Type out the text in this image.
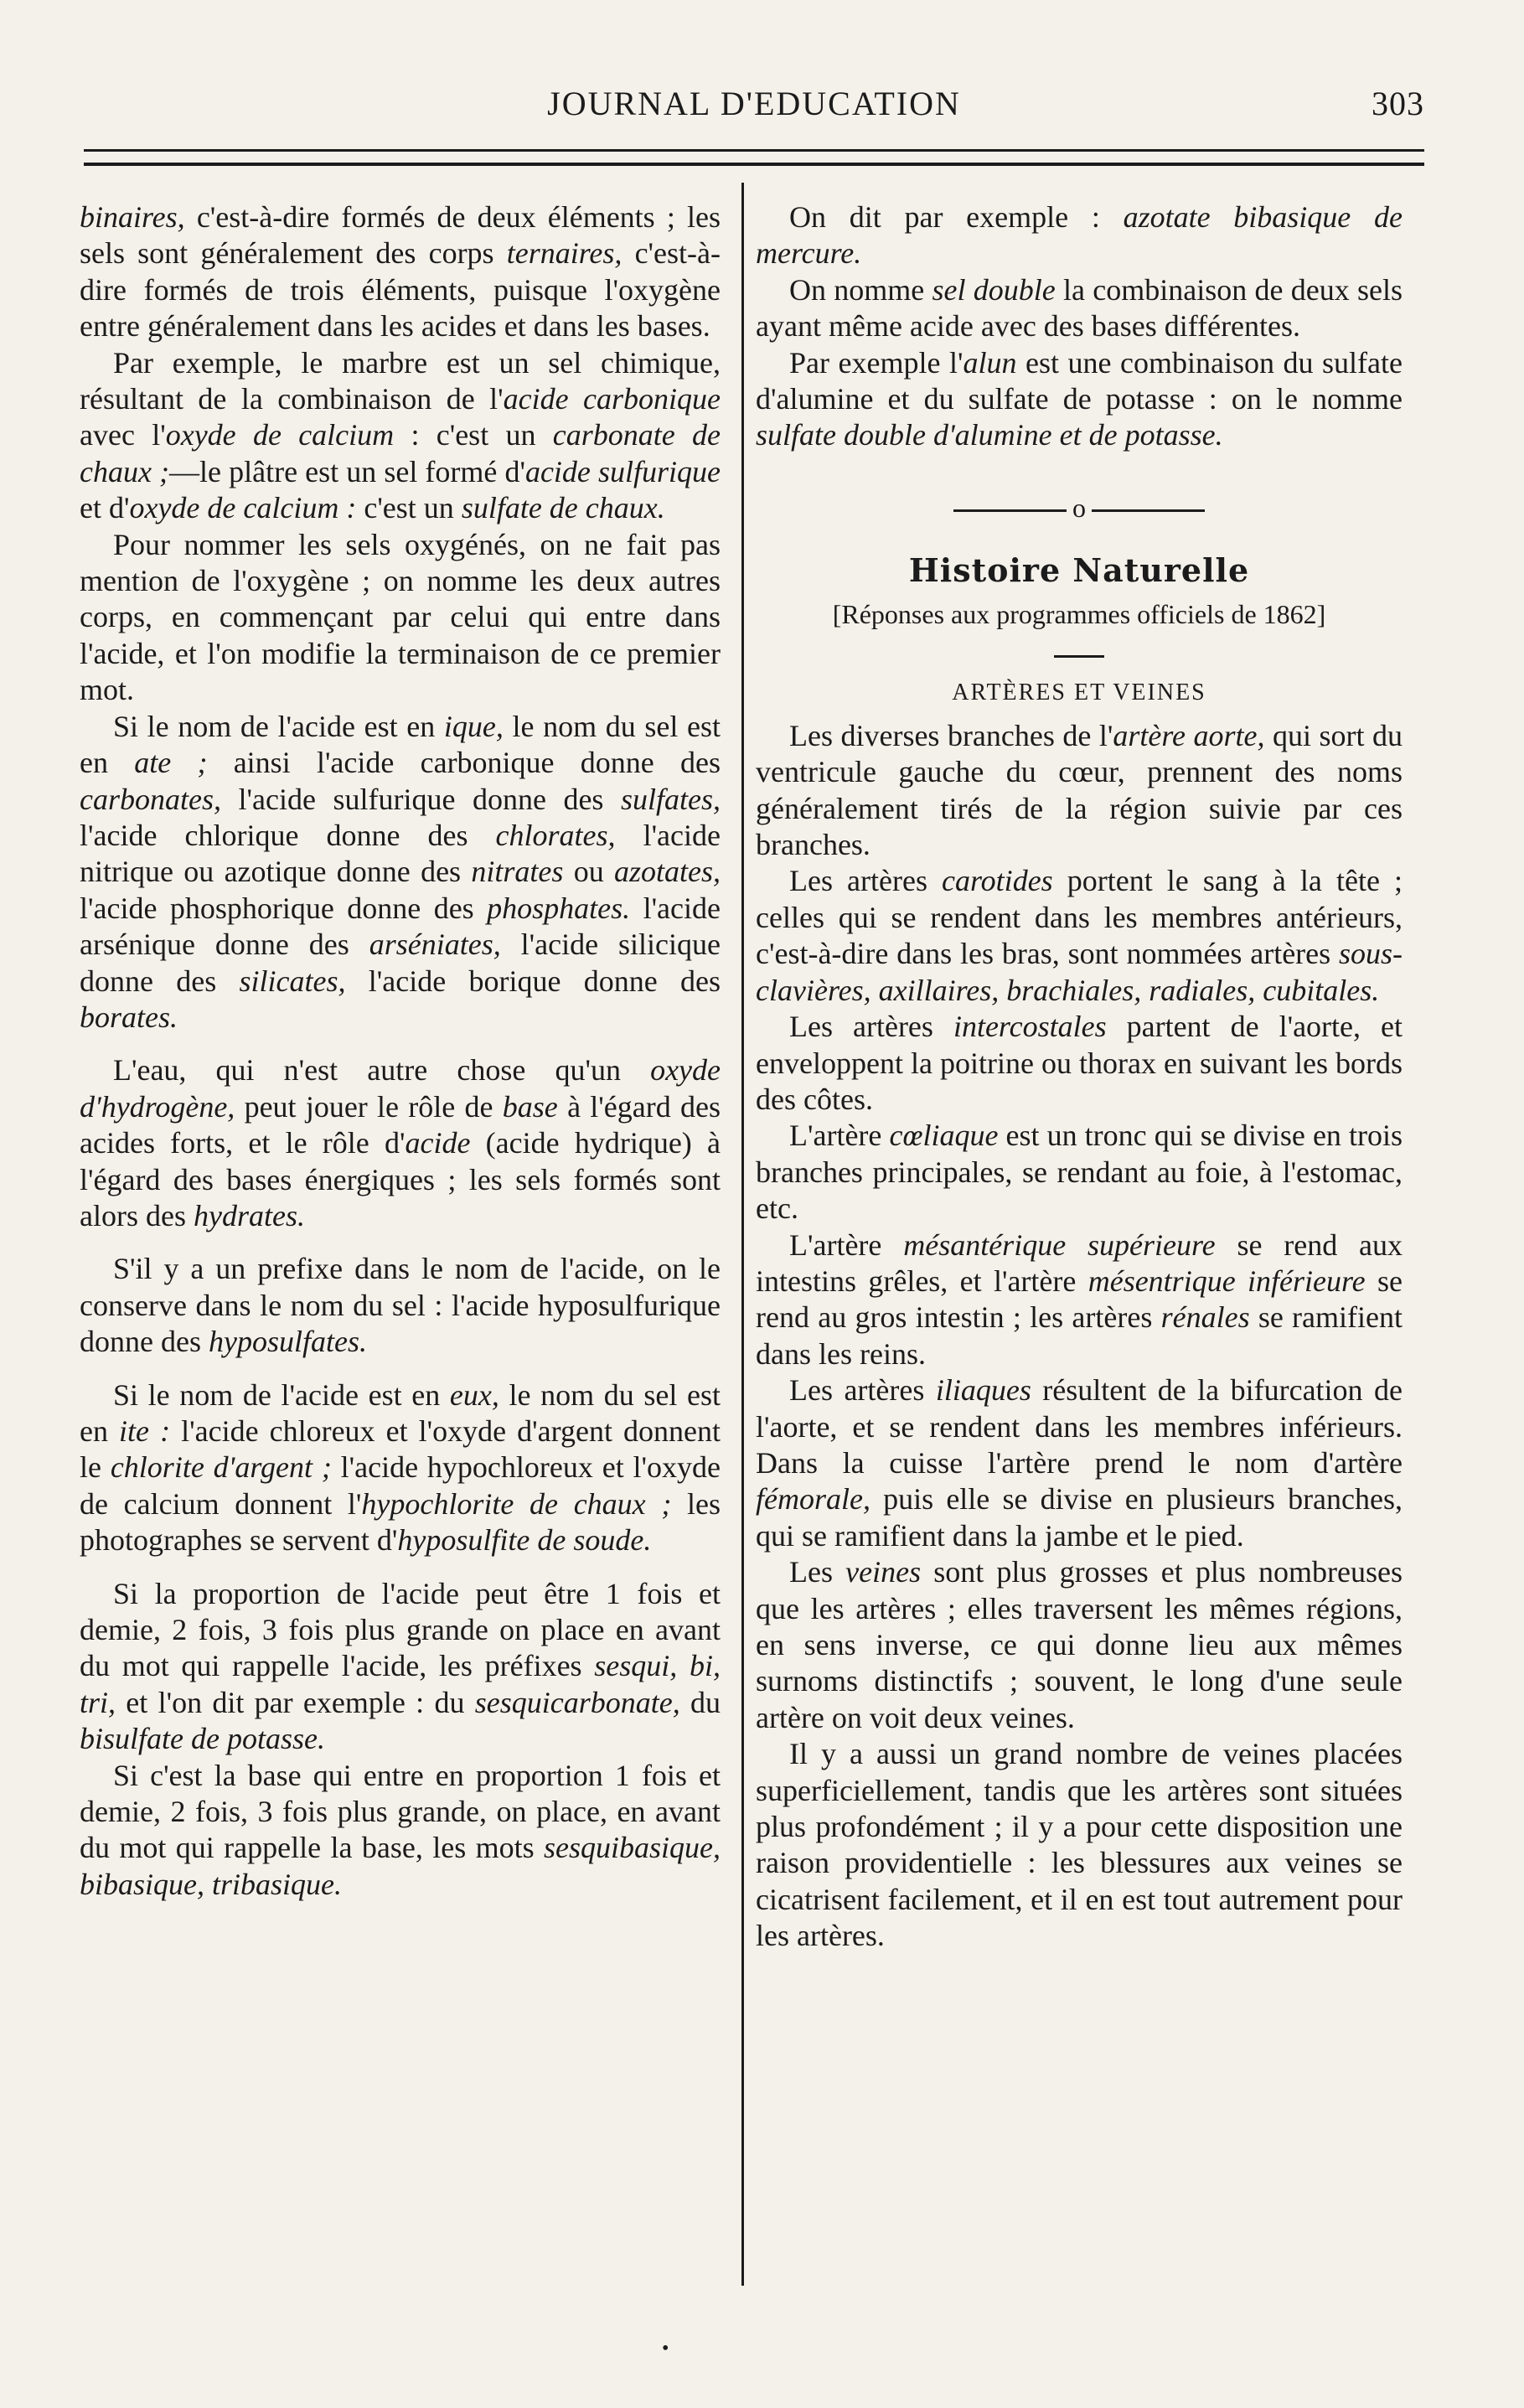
JOURNAL D'EDUCATION	303

binaires, c'est-à-dire formés de deux éléments ; les sels sont généralement des corps ternaires, c'est-à-dire formés de trois éléments, puisque l'oxygène entre généralement dans les acides et dans les bases.

Par exemple, le marbre est un sel chimique, résultant de la combinaison de l'acide carbonique avec l'oxyde de calcium : c'est un carbonate de chaux ;—le plâtre est un sel formé d'acide sulfurique et d'oxyde de calcium : c'est un sulfate de chaux.

Pour nommer les sels oxygénés, on ne fait pas mention de l'oxygène ; on nomme les deux autres corps, en commençant par celui qui entre dans l'acide, et l'on modifie la terminaison de ce premier mot.

Si le nom de l'acide est en ique, le nom du sel est en ate ; ainsi l'acide carbonique donne des carbonates, l'acide sulfurique donne des sulfates, l'acide chlorique donne des chlorates, l'acide nitrique ou azotique donne des nitrates ou azotates, l'acide phosphorique donne des phosphates. l'acide arsénique donne des arséniates, l'acide silicique donne des silicates, l'acide borique donne des borates.

L'eau, qui n'est autre chose qu'un oxyde d'hydrogène, peut jouer le rôle de base à l'égard des acides forts, et le rôle d'acide (acide hydrique) à l'égard des bases énergiques ; les sels formés sont alors des hydrates.

S'il y a un prefixe dans le nom de l'acide, on le conserve dans le nom du sel : l'acide hyposulfurique donne des hyposulfates.

Si le nom de l'acide est en eux, le nom du sel est en ite : l'acide chloreux et l'oxyde d'argent donnent le chlorite d'argent ; l'acide hypochloreux et l'oxyde de calcium donnent l'hypochlorite de chaux ; les photographes se servent d'hyposulfite de soude.

Si la proportion de l'acide peut être 1 fois et demie, 2 fois, 3 fois plus grande on place en avant du mot qui rappelle l'acide, les préfixes sesqui, bi, tri, et l'on dit par exemple : du sesquicarbonate, du bisulfate de potasse.

Si c'est la base qui entre en proportion 1 fois et demie, 2 fois, 3 fois plus grande, on place, en avant du mot qui rappelle la base, les mots sesquibasique, bibasique, tribasique.

On dit par exemple : azotate bibasique de mercure.

On nomme sel double la combinaison de deux sels ayant même acide avec des bases différentes.

Par exemple l'alun est une combinaison du sulfate d'alumine et du sulfate de potasse : on le nomme sulfate double d'alumine et de potasse.

o
Histoire Naturelle
[Réponses aux programmes officiels de 1862]
ARTÈRES ET VEINES

Les diverses branches de l'artère aorte, qui sort du ventricule gauche du cœur, prennent des noms généralement tirés de la région suivie par ces branches.

Les artères carotides portent le sang à la tête ; celles qui se rendent dans les membres antérieurs, c'est-à-dire dans les bras, sont nommées artères sous-clavières, axillaires, brachiales, radiales, cubitales.

Les artères intercostales partent de l'aorte, et enveloppent la poitrine ou thorax en suivant les bords des côtes.

L'artère cœliaque est un tronc qui se divise en trois branches principales, se rendant au foie, à l'estomac, etc.

L'artère mésantérique supérieure se rend aux intestins grêles, et l'artère mésentrique inférieure se rend au gros intestin ; les artères rénales se ramifient dans les reins.

Les artères iliaques résultent de la bifurcation de l'aorte, et se rendent dans les membres inférieurs. Dans la cuisse l'artère prend le nom d'artère fémorale, puis elle se divise en plusieurs branches, qui se ramifient dans la jambe et le pied.

Les veines sont plus grosses et plus nombreuses que les artères ; elles traversent les mêmes régions, en sens inverse, ce qui donne lieu aux mêmes surnoms distinctifs ; souvent, le long d'une seule artère on voit deux veines.

Il y a aussi un grand nombre de veines placées superficiellement, tandis que les artères sont situées plus profondément ; il y a pour cette disposition une raison providentielle : les blessures aux veines se cicatrisent facilement, et il en est tout autrement pour les artères.

•
